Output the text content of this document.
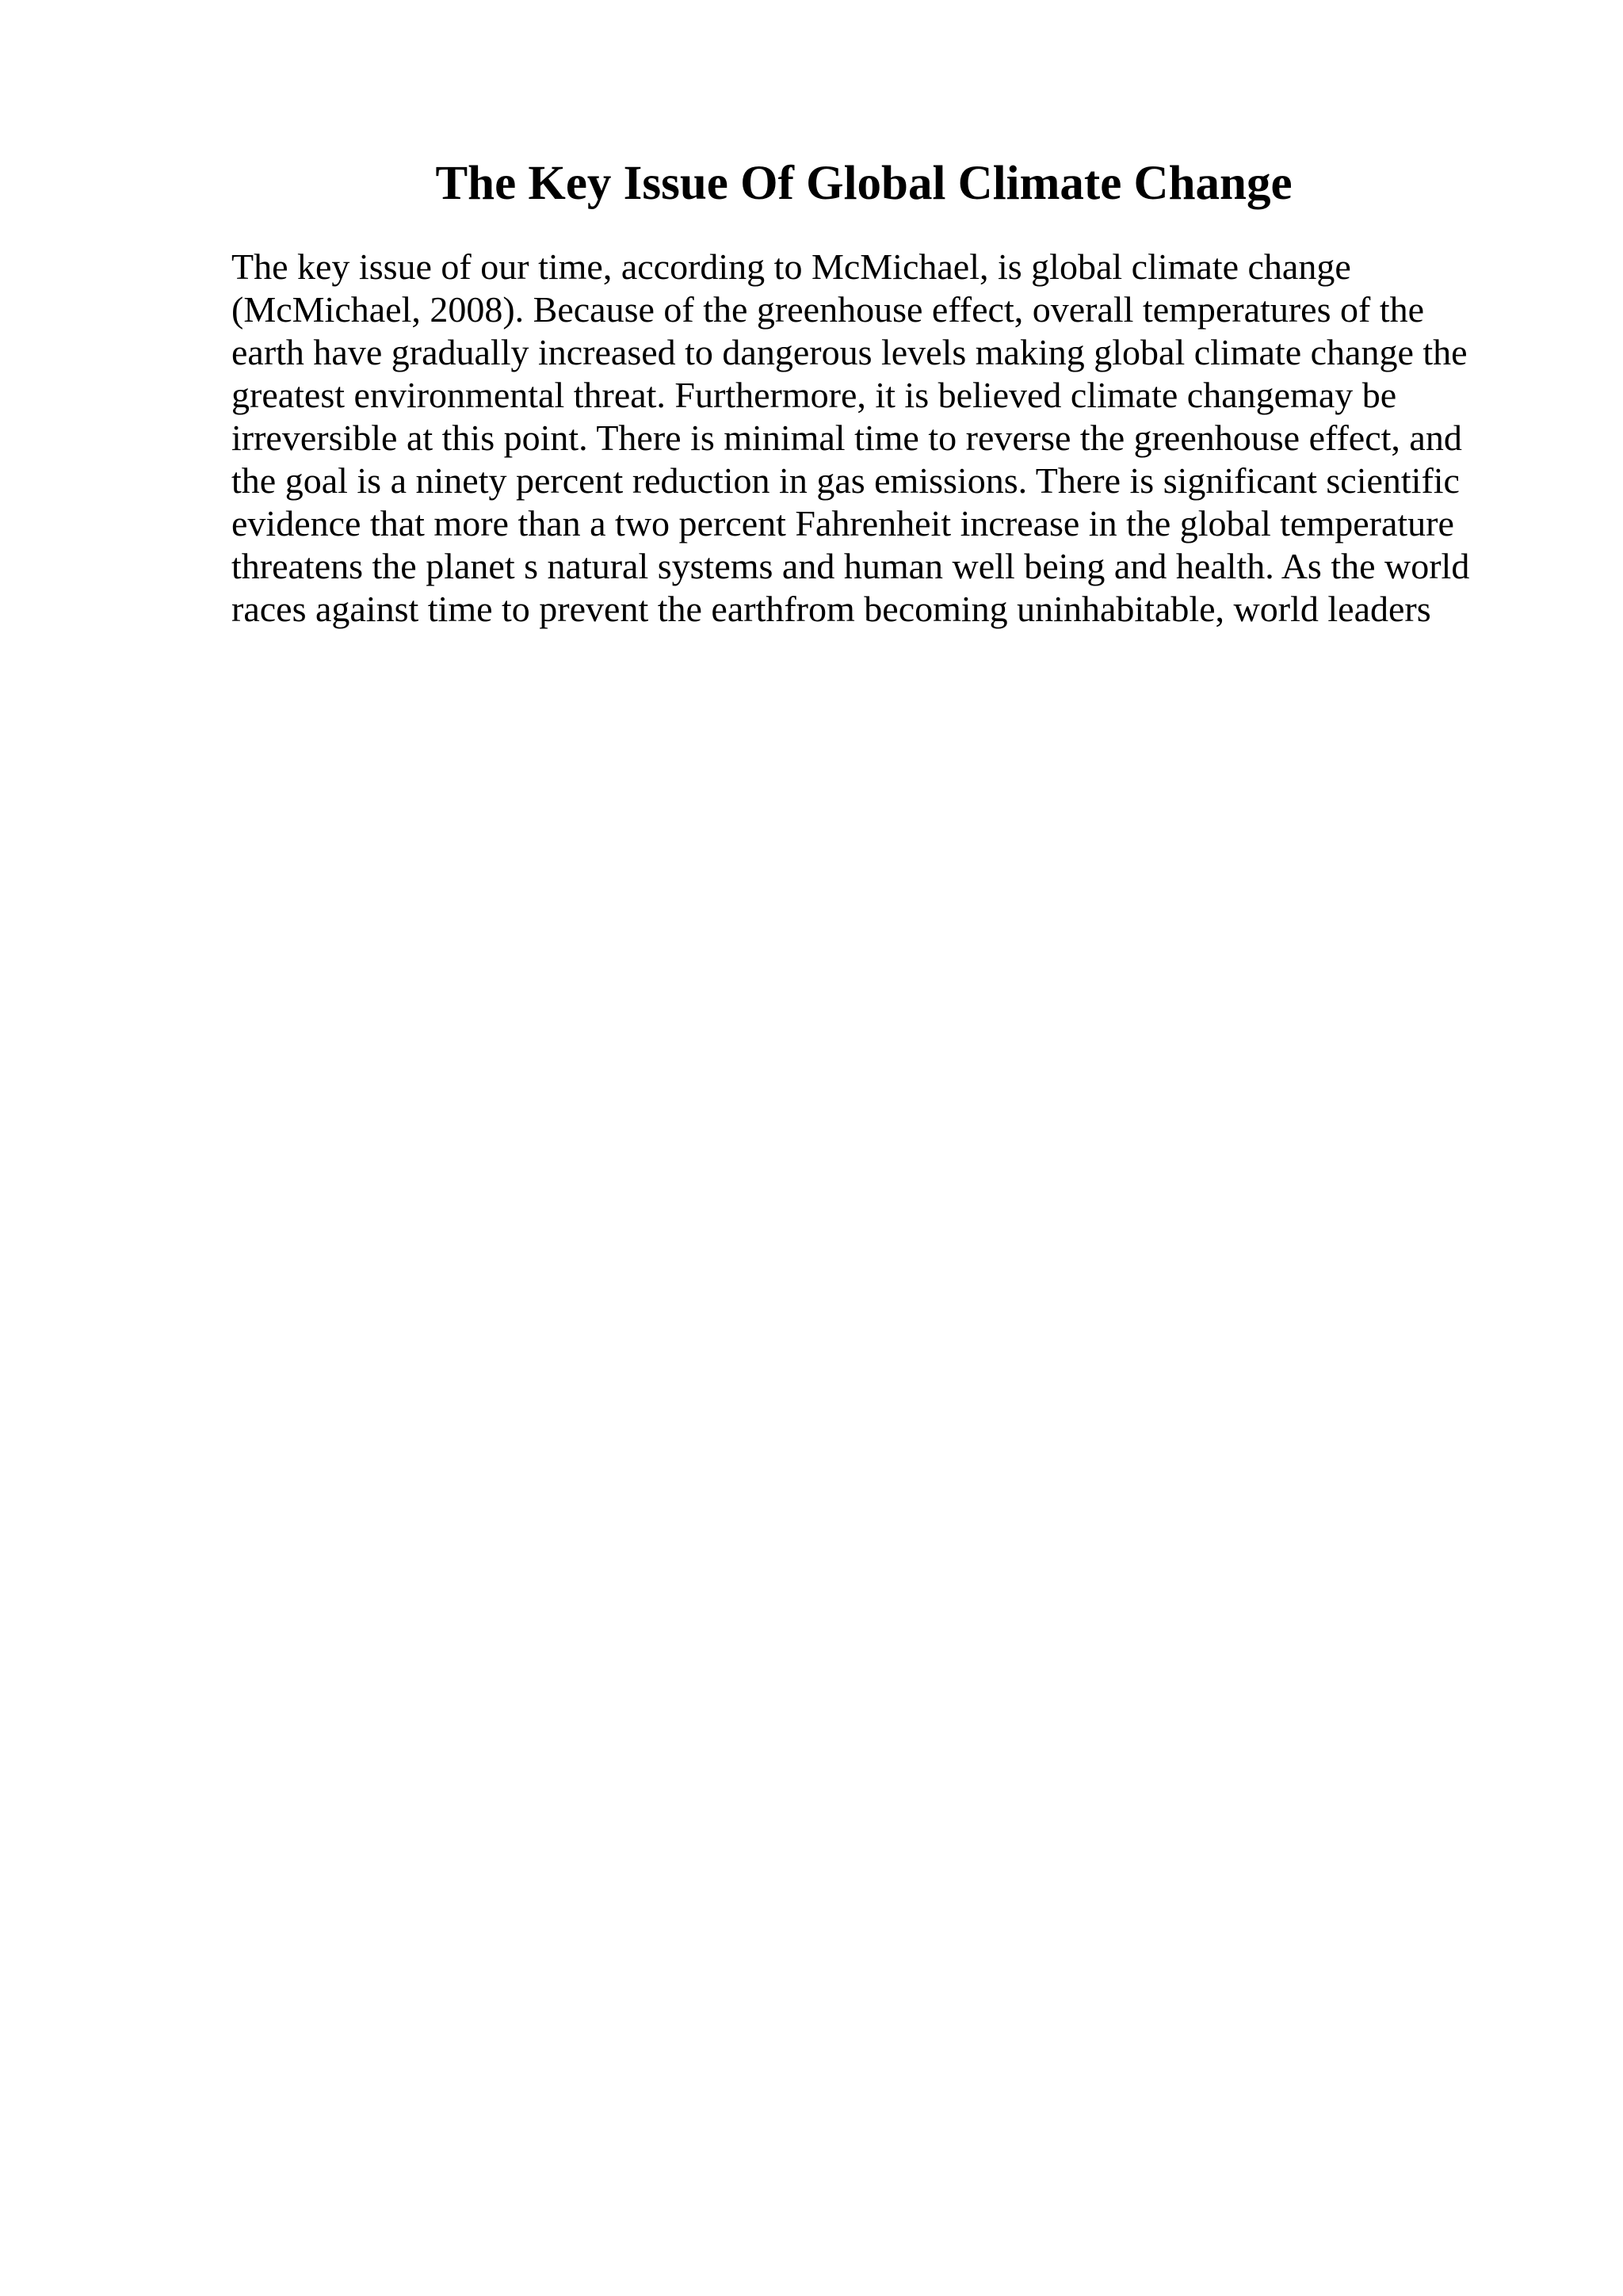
The Key Issue Of Global Climate Change
The key issue of our time, according to McMichael, is global climate change
(McMichael, 2008). Because of the greenhouse effect, overall temperatures of the
earth have gradually increased to dangerous levels making global climate change the
greatest environmental threat. Furthermore, it is believed climate changemay be
irreversible at this point. There is minimal time to reverse the greenhouse effect, and
the goal is a ninety percent reduction in gas emissions. There is significant scientific
evidence that more than a two percent Fahrenheit increase in the global temperature
threatens the planet s natural systems and human well being and health. As the world
races against time to prevent the earthfrom becoming uninhabitable, world leaders
